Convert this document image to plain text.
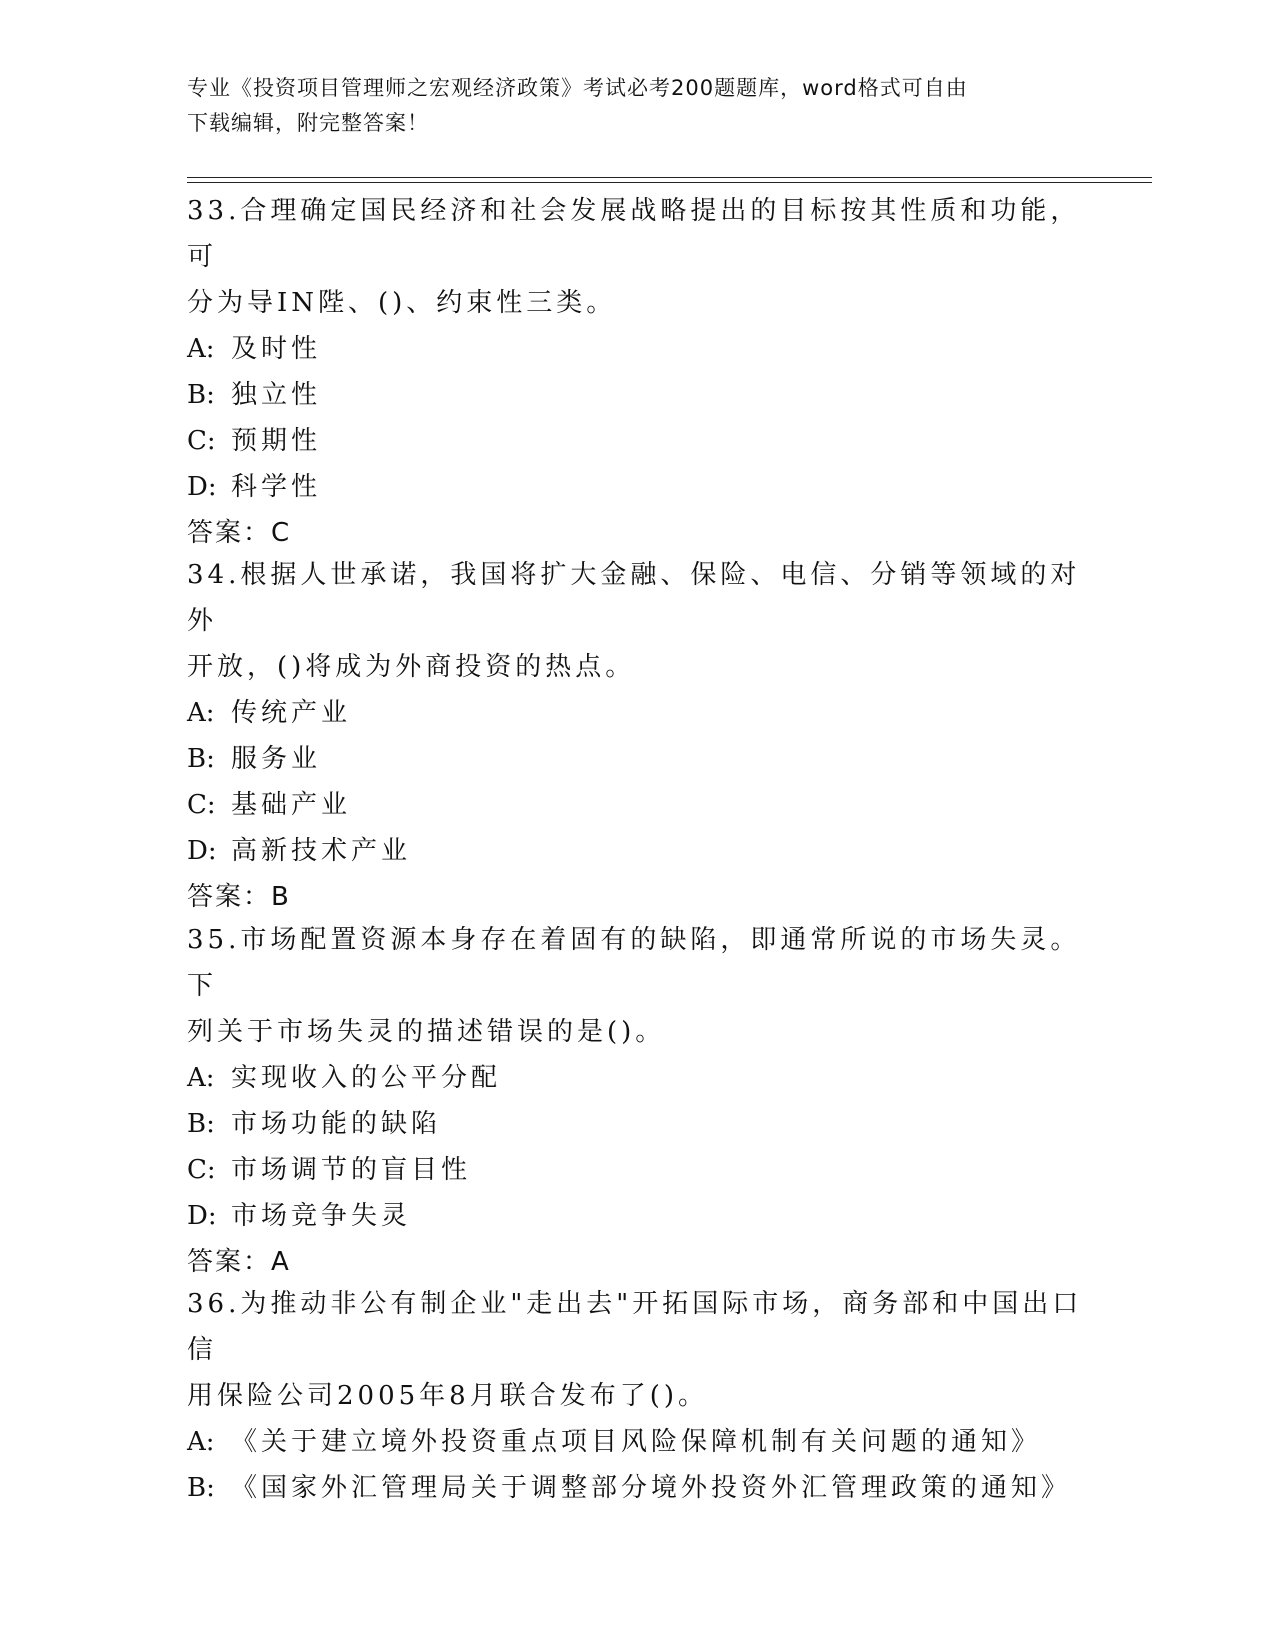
专业《投资项目管理师之宏观经济政策》考试必考200题题库，word格式可自由
下载编辑，附完整答案！
33.合理确定国民经济和社会发展战略提出的目标按其性质和功能，可
分为导IN陛、()、约束性三类。
A: 及时性
B: 独立性
C: 预期性
D: 科学性
答案：C
34.根据人世承诺，我国将扩大金融、保险、电信、分销等领域的对外
开放，()将成为外商投资的热点。
A: 传统产业
B: 服务业
C: 基础产业
D: 高新技术产业
答案：B
35.市场配置资源本身存在着固有的缺陷，即通常所说的市场失灵。下
列关于市场失灵的描述错误的是()。
A: 实现收入的公平分配
B: 市场功能的缺陷
C: 市场调节的盲目性
D: 市场竞争失灵
答案：A
36.为推动非公有制企业"走出去"开拓国际市场，商务部和中国出口信
用保险公司2005年8月联合发布了()。
A: 《关于建立境外投资重点项目风险保障机制有关问题的通知》
B: 《国家外汇管理局关于调整部分境外投资外汇管理政策的通知》
